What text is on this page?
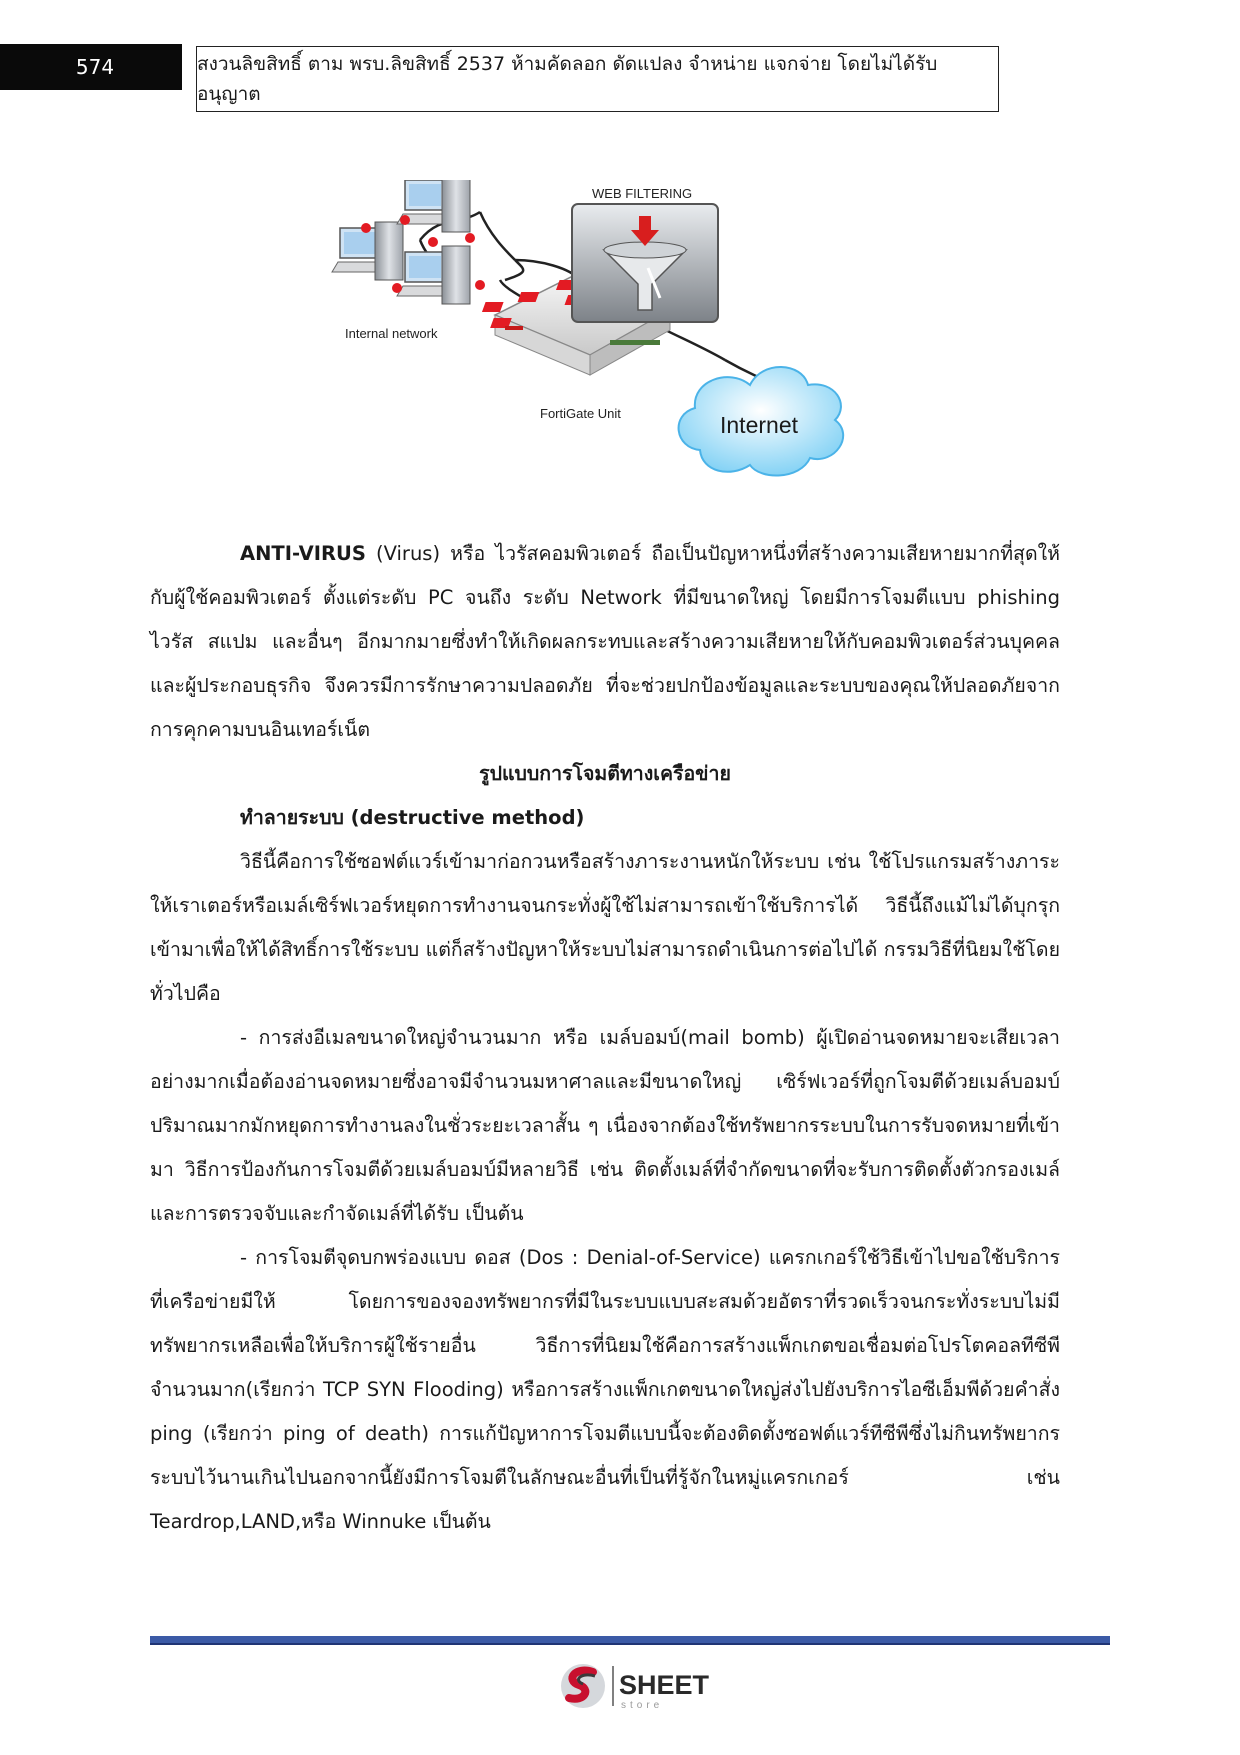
574	สงวนลิขสิทธิ์ ตาม พรบ.ลิขสิทธิ์ 2537 ห้ามคัดลอก ดัดแปลง จำหน่าย แจกจ่าย โดยไม่ได้รับอนุญาต
WEB FILTERING
Internet
Internal network
FortiGate Unit

ANTI-VIRUS (Virus) หรือ ไวรัสคอมพิวเตอร์ ถือเป็นปัญหาหนึ่งที่สร้างความเสียหายมากที่สุดให้กับผู้ใช้คอมพิวเตอร์ ตั้งแต่ระดับ PC จนถึง ระดับ Network ที่มีขนาดใหญ่ โดยมีการโจมตีแบบ phishing ไวรัส สแปม และอื่นๆ อีกมากมายซึ่งทำให้เกิดผลกระทบและสร้างความเสียหายให้กับคอมพิวเตอร์ส่วนบุคคลและผู้ประกอบธุรกิจ จึงควรมีการรักษาความปลอดภัย ที่จะช่วยปกป้องข้อมูลและระบบของคุณให้ปลอดภัยจากการคุกคามบนอินเทอร์เน็ต

รูปแบบการโจมตีทางเครือข่าย

ทำลายระบบ (destructive method)

วิธีนี้คือการใช้ซอฟต์แวร์เข้ามาก่อกวนหรือสร้างภาระงานหนักให้ระบบ เช่น ใช้โปรแกรมสร้างภาระให้เราเตอร์หรือเมล์เซิร์ฟเวอร์หยุดการทำงานจนกระทั่งผู้ใช้ไม่สามารถเข้าใช้บริการได้ วิธีนี้ถึงแม้ไม่ได้บุกรุกเข้ามาเพื่อให้ได้สิทธิ์การใช้ระบบ แต่ก็สร้างปัญหาให้ระบบไม่สามารถดำเนินการต่อไปได้ กรรมวิธีที่นิยมใช้โดยทั่วไปคือ

- การส่งอีเมลขนาดใหญ่จำนวนมาก หรือ เมล์บอมบ์(mail bomb) ผู้เปิดอ่านจดหมายจะเสียเวลาอย่างมากเมื่อต้องอ่านจดหมายซึ่งอาจมีจำนวนมหาศาลและมีขนาดใหญ่ เซิร์ฟเวอร์ที่ถูกโจมตีด้วยเมล์บอมบ์ปริมาณมากมักหยุดการทำงานลงในชั่วระยะเวลาสั้น ๆ เนื่องจากต้องใช้ทรัพยากรระบบในการรับจดหมายที่เข้ามา วิธีการป้องกันการโจมตีด้วยเมล์บอมบ์มีหลายวิธี เช่น ติดตั้งเมล์ที่จำกัดขนาดที่จะรับการติดตั้งตัวกรองเมล์ และการตรวจจับและกำจัดเมล์ที่ได้รับ เป็นต้น

- การโจมตีจุดบกพร่องแบบ ดอส (Dos : Denial-of-Service) แครกเกอร์ใช้วิธีเข้าไปขอใช้บริการที่เครือข่ายมีให้ โดยการของจองทรัพยากรที่มีในระบบแบบสะสมด้วยอัตราที่รวดเร็วจนกระทั่งระบบไม่มีทรัพยากรเหลือเพื่อให้บริการผู้ใช้รายอื่น วิธีการที่นิยมใช้คือการสร้างแพ็กเกตขอเชื่อมต่อโปรโตคอลทีซีพีจำนวนมาก(เรียกว่า TCP SYN Flooding) หรือการสร้างแพ็กเกตขนาดใหญ่ส่งไปยังบริการไอซีเอ็มพีด้วยคำสั่ง ping (เรียกว่า ping of death) การแก้ปัญหาการโจมตีแบบนี้จะต้องติดตั้งซอฟต์แวร์ทีซีพีซึ่งไม่กินทรัพยากรระบบไว้นานเกินไปนอกจากนี้ยังมีการโจมตีในลักษณะอื่นที่เป็นที่รู้จักในหมู่แครกเกอร์ เช่น Teardrop,LAND,หรือ Winnuke เป็นต้น

SHEET
store
